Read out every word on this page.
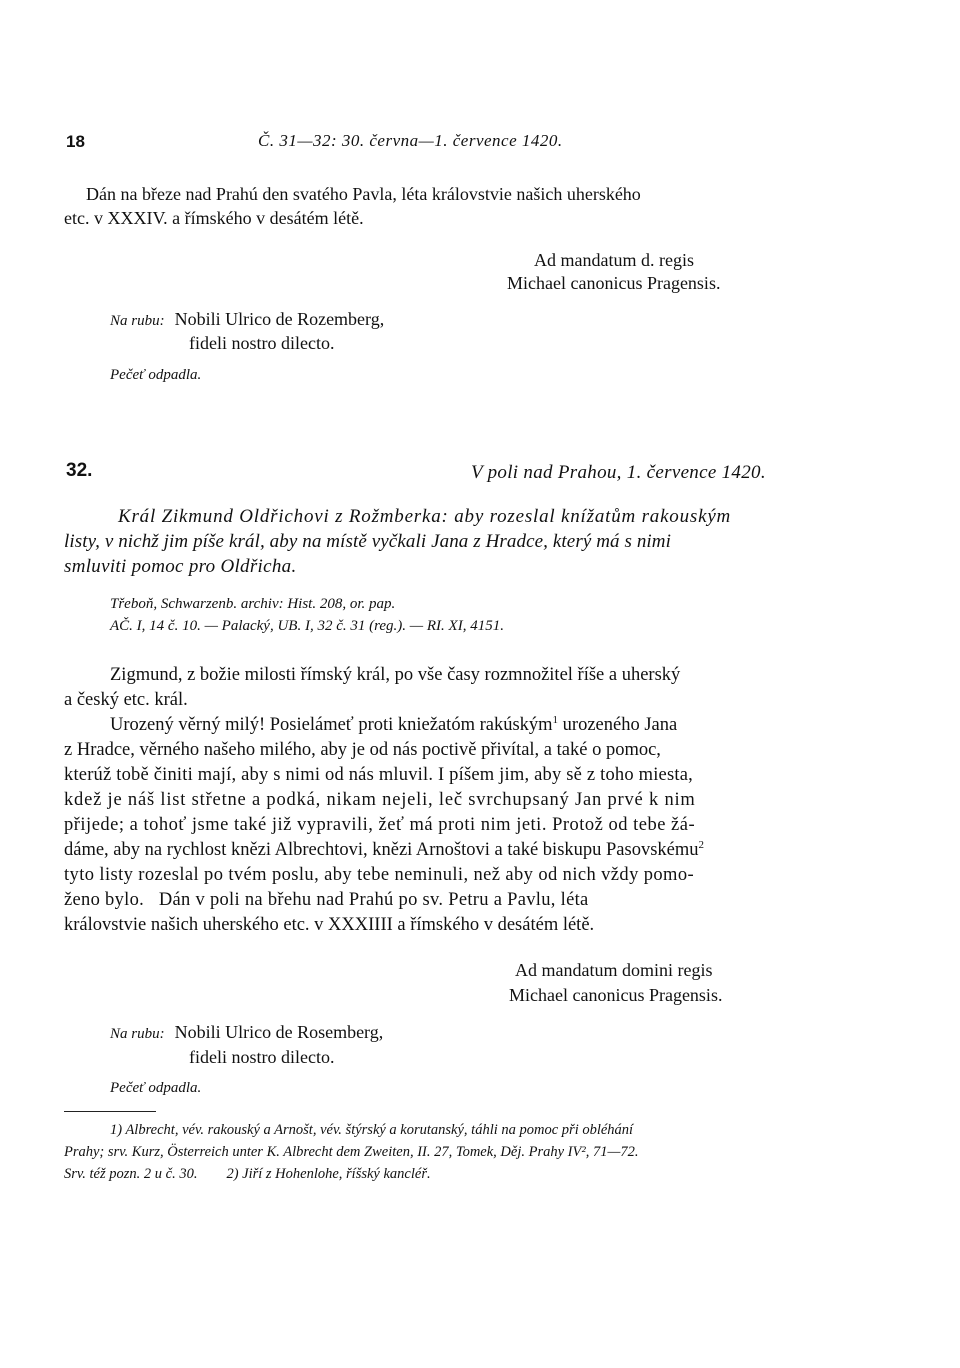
18	Č. 31—32: 30. června—1. července 1420.
Dán na březe nad Prahú den svatého Pavla, léta královstvie našich uherského
etc. v XXXIV. a římského v desátém létě.
Ad mandatum d. regis
Michael canonicus Pragensis.
Na rubu: Nobili Ulrico de Rozemberg,
fideli nostro dilecto.
Pečeť odpadla.
32.	V poli nad Prahou, 1. července 1420.
Král Zikmund Oldřichovi z Rožmberka: aby rozeslal knížatům rakouským
listy, v nichž jim píše král, aby na místě vyčkali Jana z Hradce, který má s nimi
smluviti pomoc pro Oldřicha.
Třeboň, Schwarzenb. archiv: Hist. 208, or. pap.
AČ. I, 14 č. 10. — Palacký, UB. I, 32 č. 31 (reg.). — RI. XI, 4151.
Zigmund, z božie milosti římský král, po vše časy rozmnožitel říše a uherský
a český etc. král.
Urozený věrný milý! Posielámeť proti kniežatóm rakúským$^1$ urozeného Jana
z Hradce, věrného našeho milého, aby je od nás poctivě přivítal, a také o pomoc,
kterúž tobě činiti mají, aby s nimi od nás mluvil. I píšem jim, aby sě z toho miesta,
kdež je náš list střetne a podká, nikam nejeli, leč svrchupsaný Jan prvé k nim
přijede; a tohoť jsme také již vypravili, žeť má proti nim jeti. Protož od tebe žá-
dáme, aby na rychlost knězi Albrechtovi, knězi Arnoštovi a také biskupu Pasovskému$^2$
tyto listy rozeslal po tvém poslu, aby tebe neminuli, než aby od nich vždy pomo-
ženo bylo.   Dán v poli na břehu nad Prahú po sv. Petru a Pavlu, léta
královstvie našich uherského etc. v XXXIIII a římského v desátém létě.
Ad mandatum domini regis
Michael canonicus Pragensis.
Na rubu: Nobili Ulrico de Rosemberg,
fideli nostro dilecto.
Pečeť odpadla.
1) Albrecht, vév. rakouský a Arnošt, vév. štýrský a korutanský, táhli na pomoc při obléhání
Prahy; srv. Kurz, Österreich unter K. Albrecht dem Zweiten, II. 27, Tomek, Děj. Prahy IV², 71—72.
Srv. též pozn. 2 u č. 30.        2) Jiří z Hohenlohe, říšský kancléř.
